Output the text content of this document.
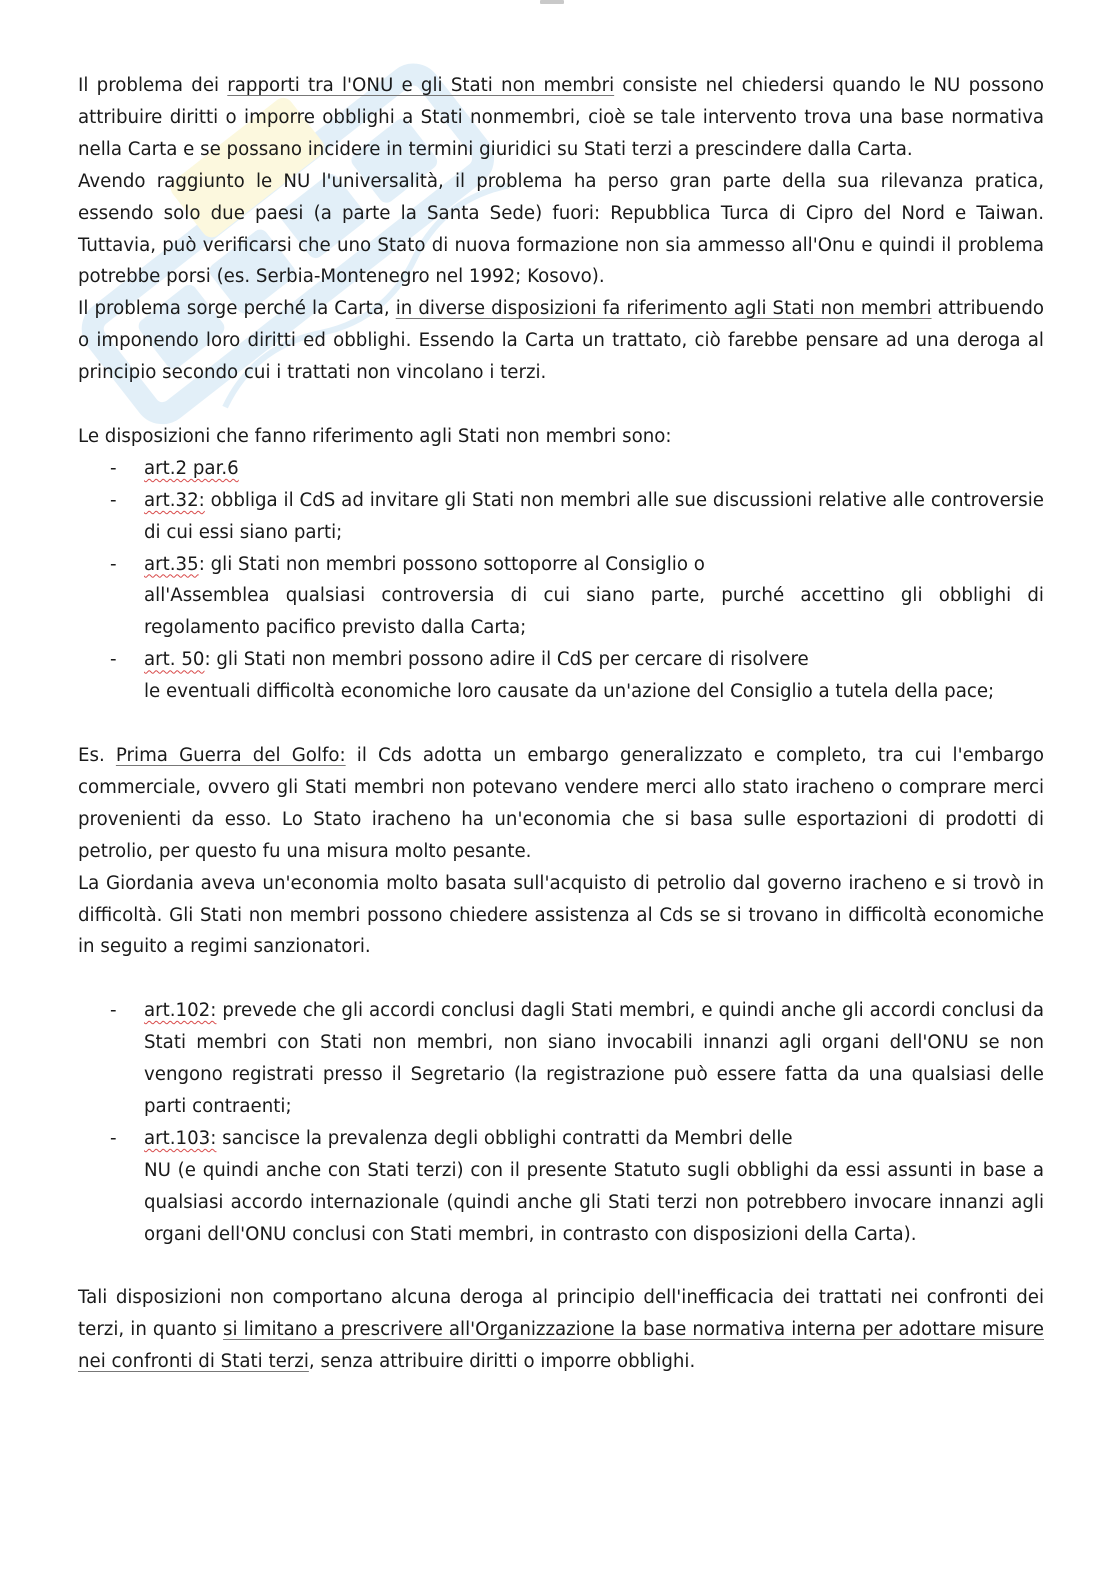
Il problema dei rapporti tra l'ONU e gli Stati non membri consiste nel chiedersi quando le NU possono attribuire diritti o imporre obblighi a Stati nonmembri, cioè se tale intervento trova una base normativa nella Carta e se possano incidere in termini giuridici su Stati terzi a prescindere dalla Carta.

Avendo raggiunto le NU l'universalità, il problema ha perso gran parte della sua rilevanza pratica, essendo solo due paesi (a parte la Santa Sede) fuori: Repubblica Turca di Cipro del Nord e Taiwan. Tuttavia, può verificarsi che uno Stato di nuova formazione non sia ammesso all'Onu e quindi il problema potrebbe porsi (es. Serbia-Montenegro nel 1992; Kosovo).

Il problema sorge perché la Carta, in diverse disposizioni fa riferimento agli Stati non membri attribuendo o imponendo loro diritti ed obblighi. Essendo la Carta un trattato, ciò farebbe pensare ad una deroga al principio secondo cui i trattati non vincolano i terzi.

Le disposizioni che fanno riferimento agli Stati non membri sono:

- art.2 par.6

- art.32: obbliga il CdS ad invitare gli Stati non membri alle sue discussioni relative alle controversie di cui essi siano parti;

- art.35: gli Stati non membri possono sottoporre al Consiglio o

all'Assemblea qualsiasi controversia di cui siano parte, purché accettino gli obblighi di regolamento pacifico previsto dalla Carta;

- art. 50: gli Stati non membri possono adire il CdS per cercare di risolvere

le eventuali difficoltà economiche loro causate da un'azione del Consiglio a tutela della pace;

Es. Prima Guerra del Golfo: il Cds adotta un embargo generalizzato e completo, tra cui l'embargo commerciale, ovvero gli Stati membri non potevano vendere merci allo stato iracheno o comprare merci provenienti da esso. Lo Stato iracheno ha un'economia che si basa sulle esportazioni di prodotti di petrolio, per questo fu una misura molto pesante.

La Giordania aveva un'economia molto basata sull'acquisto di petrolio dal governo iracheno e si trovò in difficoltà. Gli Stati non membri possono chiedere assistenza al Cds se si trovano in difficoltà economiche in seguito a regimi sanzionatori.

- art.102: prevede che gli accordi conclusi dagli Stati membri, e quindi anche gli accordi conclusi da Stati membri con Stati non membri, non siano invocabili innanzi agli organi dell'ONU se non vengono registrati presso il Segretario (la registrazione può essere fatta da una qualsiasi delle parti contraenti;

- art.103: sancisce la prevalenza degli obblighi contratti da Membri delle

NU (e quindi anche con Stati terzi) con il presente Statuto sugli obblighi da essi assunti in base a qualsiasi accordo internazionale (quindi anche gli Stati terzi non potrebbero invocare innanzi agli organi dell'ONU conclusi con Stati membri, in contrasto con disposizioni della Carta).

Tali disposizioni non comportano alcuna deroga al principio dell'inefficacia dei trattati nei confronti dei terzi, in quanto si limitano a prescrivere all'Organizzazione la base normativa interna per adottare misure nei confronti di Stati terzi, senza attribuire diritti o imporre obblighi.
